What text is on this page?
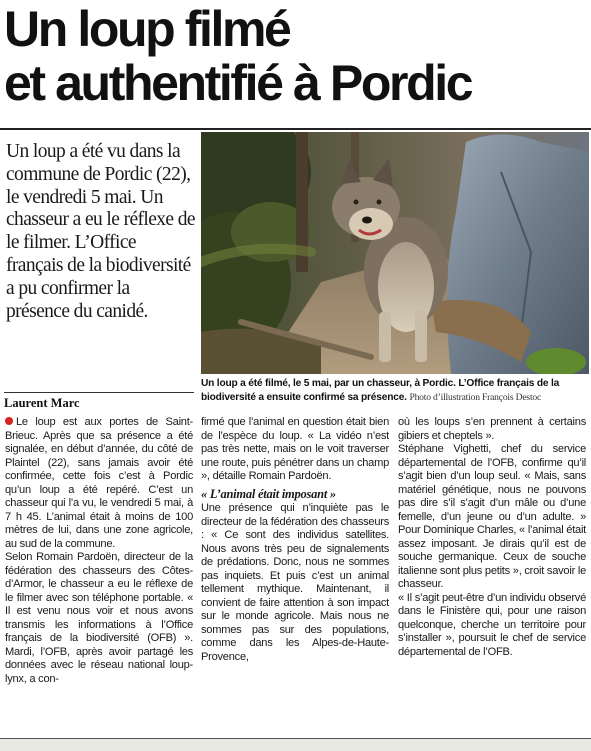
Un loup filmé
et authentifié à Pordic

Un loup a été vu dans la commune de Pordic (22), le vendredi 5 mai. Un chasseur a eu le réflexe de le filmer. L’Office français de la biodiversité a pu confirmer la présence du canidé.

Un loup a été filmé, le 5 mai, par un chasseur, à Pordic. L’Office français de la biodiversité a ensuite confirmé sa présence. Photo d’illustration François Destoc

Laurent Marc

Le loup est aux portes de Saint-Brieuc. Après que sa présence a été signalée, en début d’année, du côté de Plaintel (22), sans jamais avoir été confirmée, cette fois c’est à Pordic qu’un loup a été repéré. C’est un chasseur qui l’a vu, le vendredi 5 mai, à 7 h 45. L’animal était à moins de 100 mètres de lui, dans une zone agricole, au sud de la commune.

Selon Romain Pardoën, directeur de la fédération des chasseurs des Côtes-d’Armor, le chasseur a eu le réflexe de le filmer avec son téléphone portable. « Il est venu nous voir et nous avons transmis les informations à l’Office français de la biodiversité (OFB) ». Mardi, l’OFB, après avoir partagé les données avec le réseau national loup-lynx, a con-

firmé que l’animal en question était bien de l’espèce du loup. « La vidéo n’est pas très nette, mais on le voit traverser une route, puis pénétrer dans un champ », détaille Romain Pardoën.

« L’animal était imposant »

Une présence qui n’inquiète pas le directeur de la fédération des chasseurs : « Ce sont des individus satellites. Nous avons très peu de signalements de prédations. Donc, nous ne sommes pas inquiets. Et puis c’est un animal tellement mythique. Maintenant, il convient de faire attention à son impact sur le monde agricole. Mais nous ne sommes pas sur des populations, comme dans les Alpes-de-Haute-Provence,

où les loups s’en prennent à certains gibiers et cheptels ».

Stéphane Vighetti, chef du service départemental de l’OFB, confirme qu’il s’agit bien d’un loup seul. « Mais, sans matériel génétique, nous ne pouvons pas dire s’il s’agit d’un mâle ou d’une femelle, d’un jeune ou d’un adulte. » Pour Dominique Charles, « l’animal était assez imposant. Je dirais qu’il est de souche germanique. Ceux de souche italienne sont plus petits », croit savoir le chasseur.

« Il s’agit peut-être d’un individu observé dans le Finistère qui, pour une raison quelconque, cherche un territoire pour s’installer », poursuit le chef de service départemental de l’OFB.
